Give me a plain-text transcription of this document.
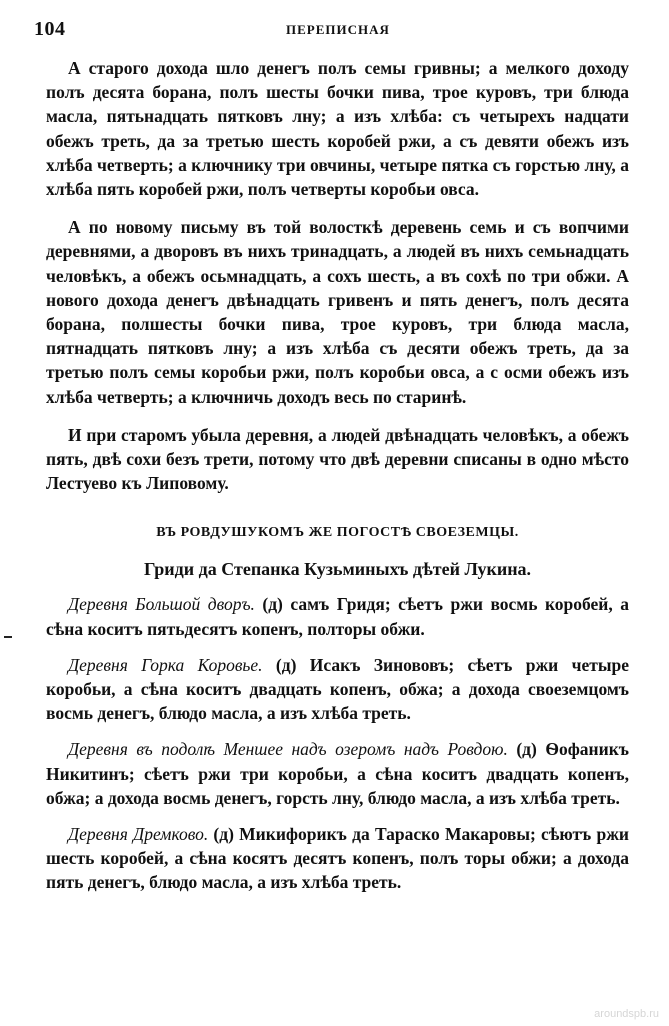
104	ПЕРЕПИСНАЯ

А старого дохода шло денегъ полъ семы гривны; а мелкого доходу полъ десята борана, полъ шесты бочки пива, трое куровъ, три блюда масла, пятьнадцать пятковъ лну; а изъ хлѣба: съ четырехъ надцати обежъ треть, да за третью шесть коробей ржи, а съ девяти обежъ изъ хлѣба четверть; а ключнику три овчины, четыре пятка съ горстью лну, а хлѣба пять коробей ржи, полъ четверты коробьи овса.

А по новому письму въ той волосткѣ деревень семь и съ вопчими деревнями, а дворовъ въ нихъ тринадцать, а людей въ нихъ семьнадцать человѣкъ, а обежъ осьмнадцать, а сохъ шесть, а въ сохѣ по три обжи. А нового дохода денегъ двѣнадцать гривенъ и пять денегъ, полъ десята борана, полшесты бочки пива, трое куровъ, три блюда масла, пятнадцать пятковъ лну; а изъ хлѣба съ десяти обежъ треть, да за третью полъ семы коробьи ржи, полъ коробьи овса, а с осми обежъ изъ хлѣба четверть; а ключничь доходъ весь по старинѣ.

И при старомъ убыла деревня, а людей двѣнадцать человѣкъ, а обежъ пять, двѣ сохи безъ трети, потому что двѣ деревни списаны в одно мѣсто Лестуево къ Липовому.

ВЪ РОВДУШУКОМЪ ЖЕ ПОГОСТѢ СВОЕЗЕМЦЫ.
Гриди да Степанка Кузьминыхъ дѣтей Лукина.

Деревня Большой дворъ. (д) самъ Гридя; сѣетъ ржи восмь коробей, а сѣна коситъ пятьдесятъ копенъ, полторы обжи.

Деревня Горка Коровье. (д) Исакъ Зинововъ; сѣетъ ржи четыре коробьи, а сѣна коситъ двадцать копенъ, обжа; а дохода своеземцомъ восмь денегъ, блюдо масла, а изъ хлѣба треть.

Деревня въ подолѣ Меншее надъ озеромъ надъ Ровдою. (д) Ѳофаникъ Никитинъ; сѣетъ ржи три коробьи, а сѣна коситъ двадцать копенъ, обжа; а дохода восмь денегъ, горсть лну, блюдо масла, а изъ хлѣба треть.

Деревня Дремково. (д) Микифорикъ да Тараско Макаровы; сѣютъ ржи шесть коробей, а сѣна косятъ десятъ копенъ, полъ торы обжи; а дохода пять денегъ, блюдо масла, а изъ хлѣба треть.

aroundspb.ru
